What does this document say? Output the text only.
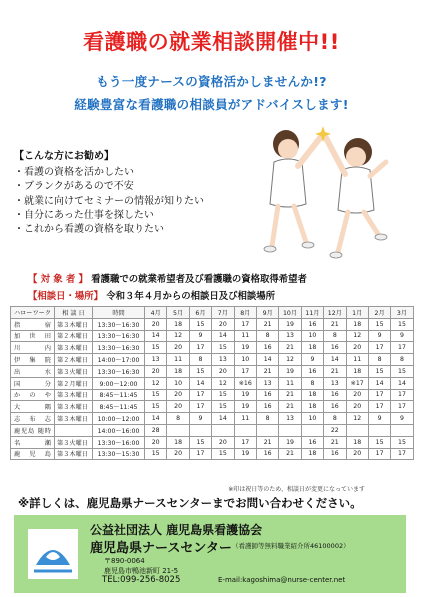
看護職の就業相談開催中!!
もう一度ナースの資格活かしませんか!?
経験豊富な看護職の相談員がアドバイスします!
【こんな方にお勧め】
・看護の資格を活かしたい
・ブランクがあるので不安
・就業に向けてセミナーの情報が知りたい
・自分にあった仕事を探したい
・これから看護の資格を取りたい
【 対 象 者 】 看護職での就業希望者及び看護職の資格取得希望者
【相談日・場所】 令和３年４月からの相談日及び相談場所
ハローワーク	相 談 日	時間	4月	5月	6月	7月	8月	9月	10月	11月	12月	1月	2月	3月
指宿	第３木曜日	13:30〜16:30	20	18	15	20	17	21	19	16	21	18	15	15
加世田	第２木曜日	13:30〜16:30	14	12	9	14	11	8	13	10	8	12	9	9
川内	第３木曜日	13:30〜16:30	15	20	17	15	19	16	21	18	16	20	17	17
伊集院	第２木曜日	14:00〜17:00	13	11	8	13	10	14	12	9	14	11	8	8
出水	第３火曜日	13:30〜16:30	20	18	15	20	17	21	19	16	21	18	15	15
国分	第２月曜日	9:00〜12:00	12	10	14	12	※16	13	11	8	13	※17	14	14
かのや	第３木曜日	8:45〜11:45	15	20	17	15	19	16	21	18	16	20	17	17
大隅	第３木曜日	8:45〜11:45	15	20	17	15	19	16	21	18	16	20	17	17
志布志	第３木曜日	10:00〜12:00	14	8	9	14	11	8	13	10	8	12	9	9
鹿児島 随時		14:00〜16:00	28								22			
名瀬	第３火曜日	13:30〜16:00	20	18	15	20	17	21	19	16	21	18	15	15
鹿児島	第３木曜日	13:30〜15:30	15	20	17	15	19	16	21	18	16	20	17	17
※印は祝日等のため、相談日が変更になっています
※詳しくは、鹿児島県ナースセンターまでお問い合わせください。
公益社団法人 鹿児島県看護協会
鹿児島県ナースセンター （看護師等無料職業紹介所46100002）
〒890-0064
鹿児島市鴨池新町 21-5
TEL:099-256-8025	E-mail:kagoshima@nurse-center.net
